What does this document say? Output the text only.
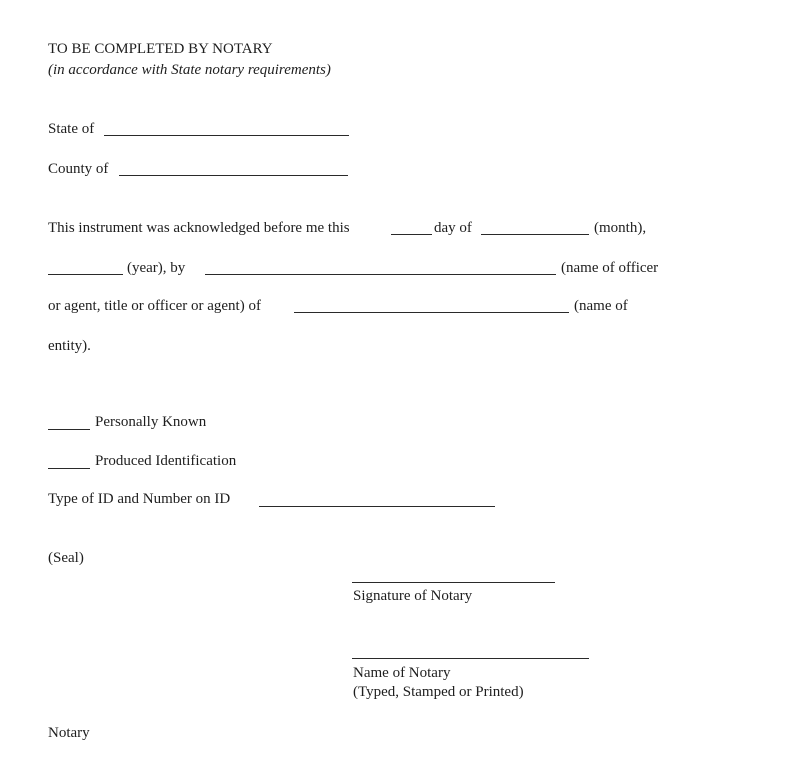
TO BE COMPLETED BY NOTARY
(in accordance with State notary requirements)
State of
County of
This instrument was acknowledged before me this	day of	(month),
(year), by	(name of officer
or agent, title or officer or agent) of	(name of
entity).
Personally Known
Produced Identification
Type of ID and Number on ID
(Seal)
Signature of Notary
Name of Notary
(Typed, Stamped or Printed)
Notary
